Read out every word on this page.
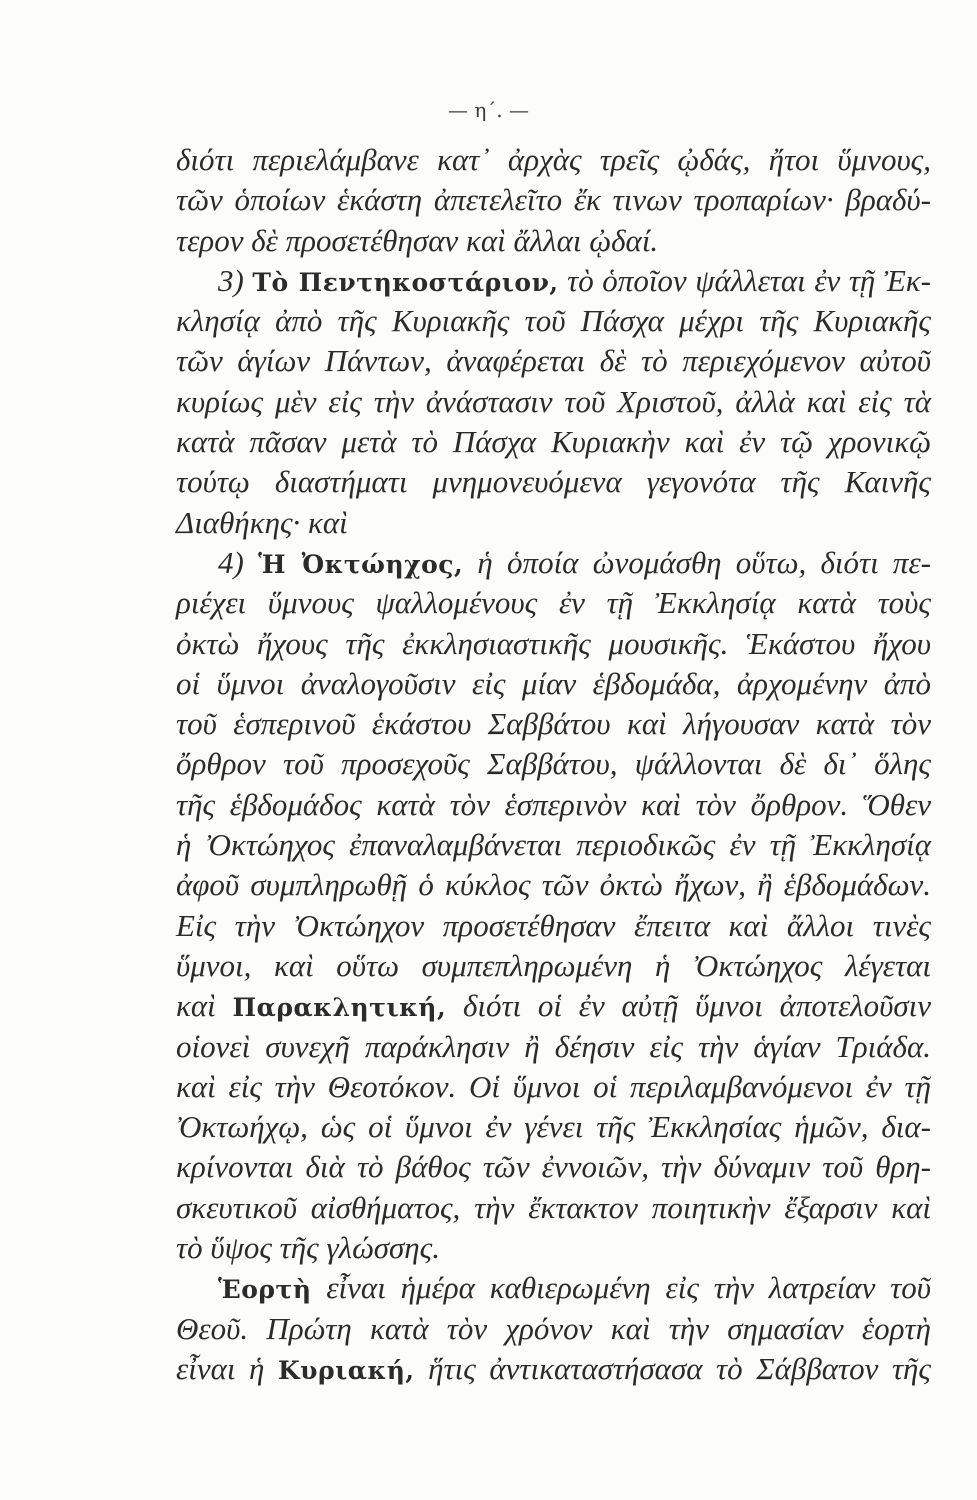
— η΄. —
διότι περιελάμβανε κατ᾽ ἀρχὰς τρεῖς ᾠδάς, ἤτοι ὕμνους,
τῶν ὁποίων ἑκάστη ἀπετελεῖτο ἔκ τινων τροπαρίων· βραδύ-
τερον δὲ προσετέθησαν καὶ ἄλλαι ᾠδαί.
3) Τὸ Πεντηκοστάριον, τὸ ὁποῖον ψάλλεται ἐν τῇ Ἐκ-
κλησίᾳ ἀπὸ τῆς Κυριακῆς τοῦ Πάσχα μέχρι τῆς Κυριακῆς
τῶν ἁγίων Πάντων, ἀναφέρεται δὲ τὸ περιεχόμενον αὐτοῦ
κυρίως μὲν εἰς τὴν ἀνάστασιν τοῦ Χριστοῦ, ἀλλὰ καὶ εἰς τὰ
κατὰ πᾶσαν μετὰ τὸ Πάσχα Κυριακὴν καὶ ἐν τῷ χρονικῷ
τούτῳ διαστήματι μνημονευόμενα γεγονότα τῆς Καινῆς
Διαθήκης· καὶ
4) Ἡ Ὀκτώηχος, ἡ ὁποία ὠνομάσθη οὕτω, διότι πε-
ριέχει ὕμνους ψαλλομένους ἐν τῇ Ἐκκλησίᾳ κατὰ τοὺς
ὀκτὼ ἤχους τῆς ἐκκλησιαστικῆς μουσικῆς. Ἑκάστου ἤχου
οἱ ὕμνοι ἀναλογοῦσιν εἰς μίαν ἑβδομάδα, ἀρχομένην ἀπὸ
τοῦ ἑσπερινοῦ ἑκάστου Σαββάτου καὶ λήγουσαν κατὰ τὸν
ὄρθρον τοῦ προσεχοῦς Σαββάτου, ψάλλονται δὲ δι᾽ ὅλης
τῆς ἑβδομάδος κατὰ τὸν ἑσπερινὸν καὶ τὸν ὄρθρον. Ὅθεν
ἡ Ὀκτώηχος ἐπαναλαμβάνεται περιοδικῶς ἐν τῇ Ἐκκλησίᾳ
ἀφοῦ συμπληρωθῇ ὁ κύκλος τῶν ὀκτὼ ἤχων, ἢ ἑβδομάδων.
Εἰς τὴν Ὀκτώηχον προσετέθησαν ἔπειτα καὶ ἄλλοι τινὲς
ὕμνοι, καὶ οὕτω συμπεπληρωμένη ἡ Ὀκτώηχος λέγεται
καὶ Παρακλητική, διότι οἱ ἐν αὐτῇ ὕμνοι ἀποτελοῦσιν
οἱονεὶ συνεχῆ παράκλησιν ἢ δέησιν εἰς τὴν ἁγίαν Τριάδα.
καὶ εἰς τὴν Θεοτόκον. Οἱ ὕμνοι οἱ περιλαμβανόμενοι ἐν τῇ
Ὀκτωήχῳ, ὡς οἱ ὕμνοι ἐν γένει τῆς Ἐκκλησίας ἡμῶν, δια-
κρίνονται διὰ τὸ βάθος τῶν ἐννοιῶν, τὴν δύναμιν τοῦ θρη-
σκευτικοῦ αἰσθήματος, τὴν ἔκτακτον ποιητικὴν ἔξαρσιν καὶ
τὸ ὕψος τῆς γλώσσης.
Ἑορτὴ εἶναι ἡμέρα καθιερωμένη εἰς τὴν λατρείαν τοῦ
Θεοῦ. Πρώτη κατὰ τὸν χρόνον καὶ τὴν σημασίαν ἑορτὴ
εἶναι ἡ Κυριακή, ἥτις ἀντικαταστήσασα τὸ Σάββατον τῆς
